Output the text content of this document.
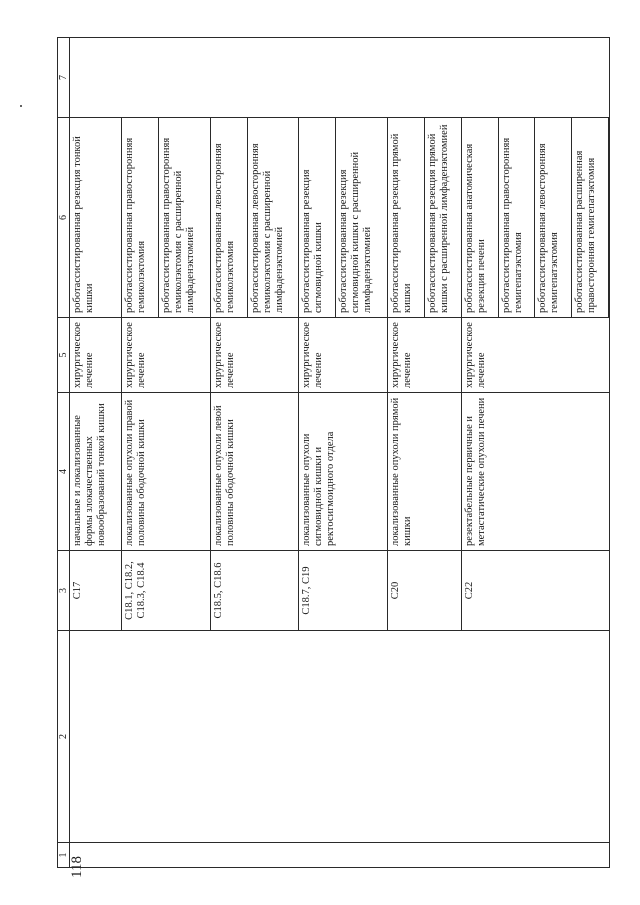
118
1	2	3	4	5	6	7
		C17	начальные и локализованные формы злокачественных новообразований тонкой кишки	хирургическое лечение	роботассистированная резекция тонкой кишки	
		C18.1, C18.2, C18.3, C18.4	локализованные опухоли правой половины ободочной кишки	хирургическое лечение	роботассистированная правосторонняя гемиколэктомия	
					роботассистированная правосторонняя гемиколэктомия с расширенной лимфаденэктомией	
		C18.5, C18.6	локализованные опухоли левой половины ободочной кишки	хирургическое лечение	роботассистированная левосторонняя гемиколэктомия	
					роботассистированная левосторонняя гемиколэктомия с расширенной лимфаденэктомией	
		C18.7, C19	локализованные опухоли сигмовидной кишки и ректосигмоидного отдела	хирургическое лечение	роботассистированная резекция сигмовидной кишки	
					роботассистированная резекция сигмовидной кишки с расширенной лимфаденэктомией	
		C20	локализованные опухоли прямой кишки	хирургическое лечение	роботассистированная резекция прямой кишки	
					роботассистированная резекция прямой кишки с расширенной лимфаденэктомией	
		C22	резектабельные первичные и метастатические опухоли печени	хирургическое лечение	роботассистированная анатомическая резекция печени	
					роботассистированная правосторонняя гемигепатэктомия	
					роботассистированная левосторонняя гемигепатэктомия	
					роботассистированная расширенная правосторонняя гемигепатэктомия	
